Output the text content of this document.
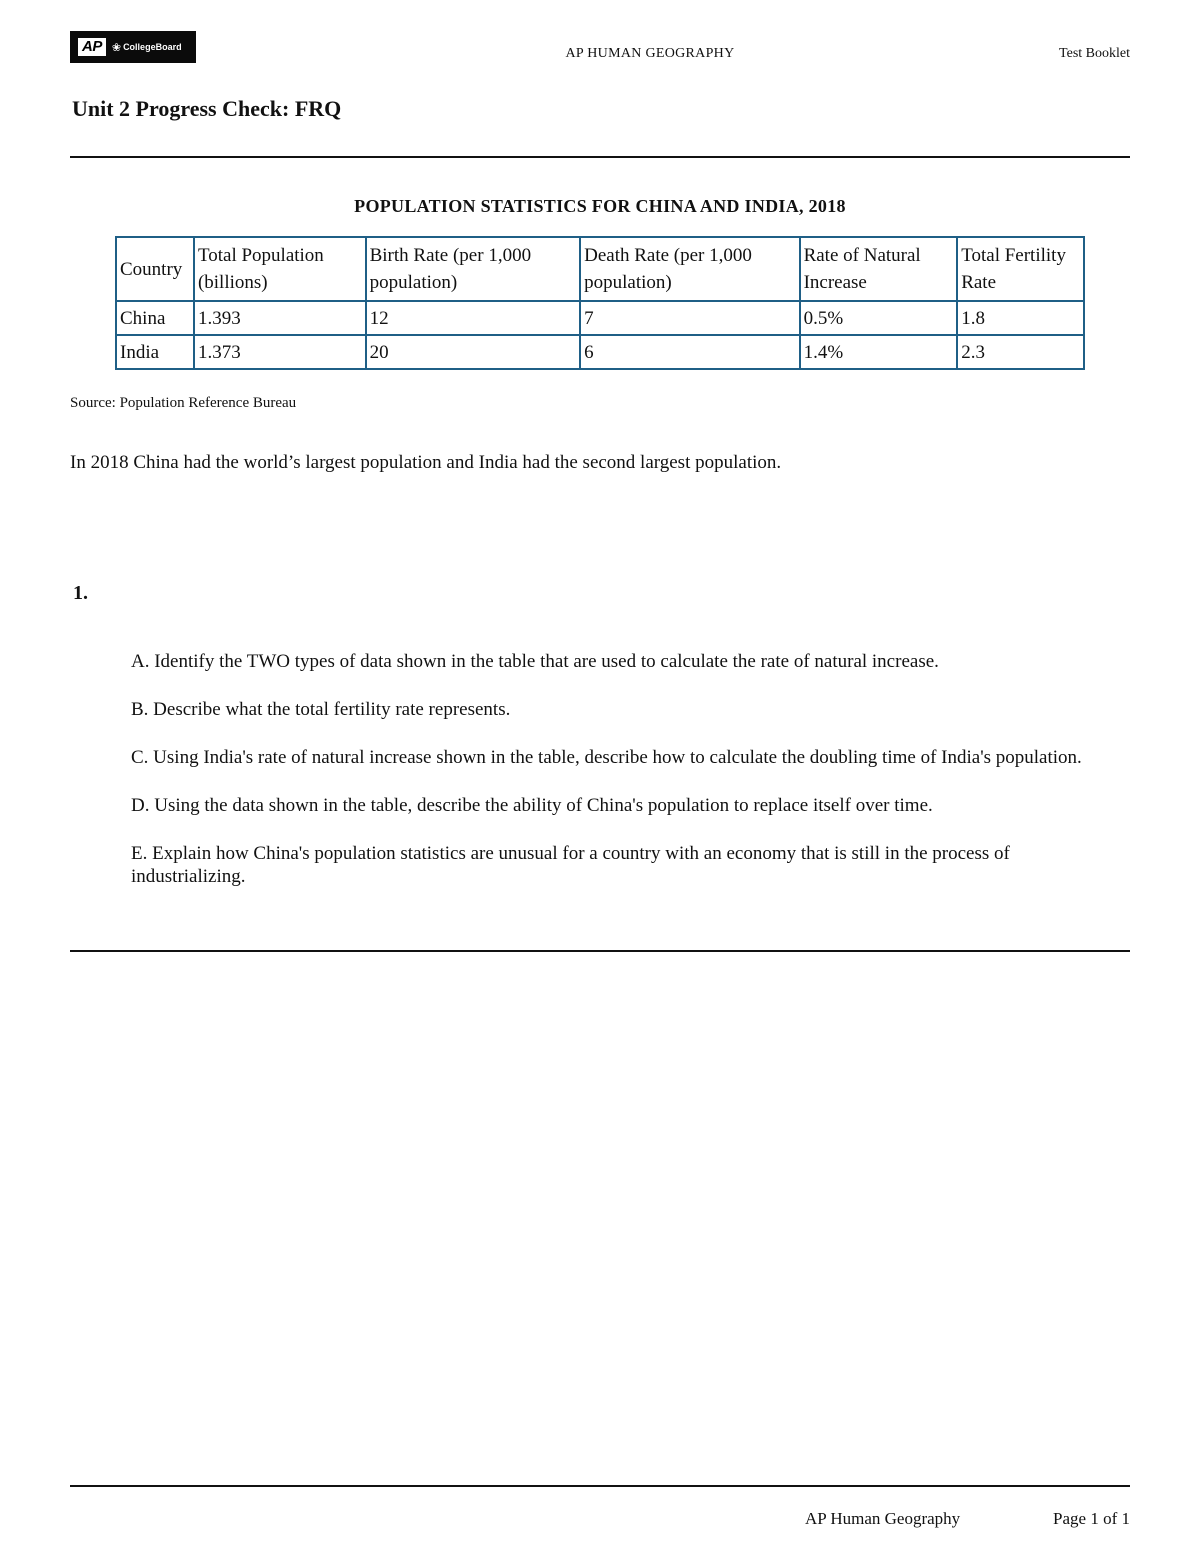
AP ❀ CollegeBoard	AP HUMAN GEOGRAPHY	Test Booklet
Unit 2 Progress Check: FRQ
POPULATION STATISTICS FOR CHINA AND INDIA, 2018
Country	Total Population (billions)	Birth Rate (per 1,000 population)	Death Rate (per 1,000 population)	Rate of Natural Increase	Total Fertility Rate
China	1.393	12	7	0.5%	1.8
India	1.373	20	6	1.4%	2.3
Source: Population Reference Bureau
In 2018 China had the world’s largest population and India had the second largest population.
1.

A. Identify the TWO types of data shown in the table that are used to calculate the rate of natural increase.

B. Describe what the total fertility rate represents.

C. Using India's rate of natural increase shown in the table, describe how to calculate the doubling time of India's population.

D. Using the data shown in the table, describe the ability of China's population to replace itself over time.

E. Explain how China's population statistics are unusual for a country with an economy that is still in the process of industrializing.

AP Human Geography	Page 1 of 1
